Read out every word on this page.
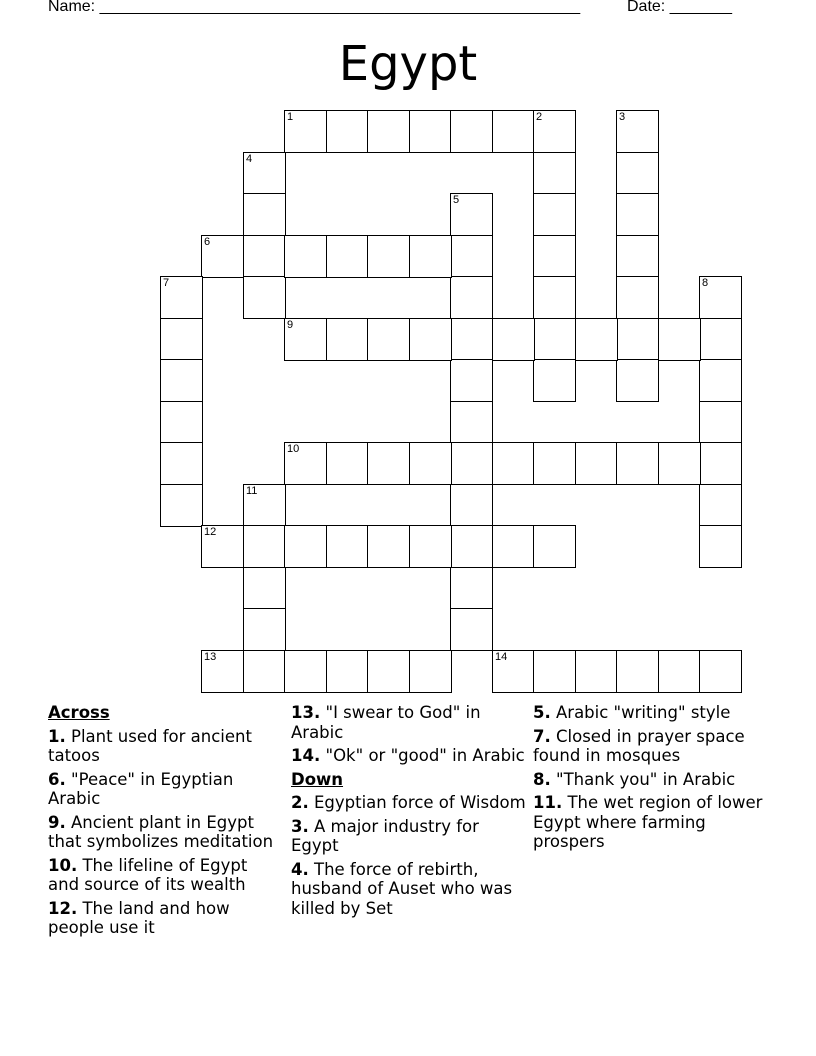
Name: ______________________________________________________	Date: _______
Egypt
1	2	3
4
5
6
7	8
9
10
11
12
13	14
Across
1. Plant used for ancient tatoos
6. "Peace" in Egyptian Arabic
9. Ancient plant in Egypt that symbolizes meditation
10. The lifeline of Egypt and source of its wealth
12. The land and how people use it
13. "I swear to God" in Arabic
14. "Ok" or "good" in Arabic
Down
2. Egyptian force of Wisdom
3. A major industry for Egypt
4. The force of rebirth, husband of Auset who was killed by Set
5. Arabic "writing" style
7. Closed in prayer space found in mosques
8. "Thank you" in Arabic
11. The wet region of lower Egypt where farming prospers
